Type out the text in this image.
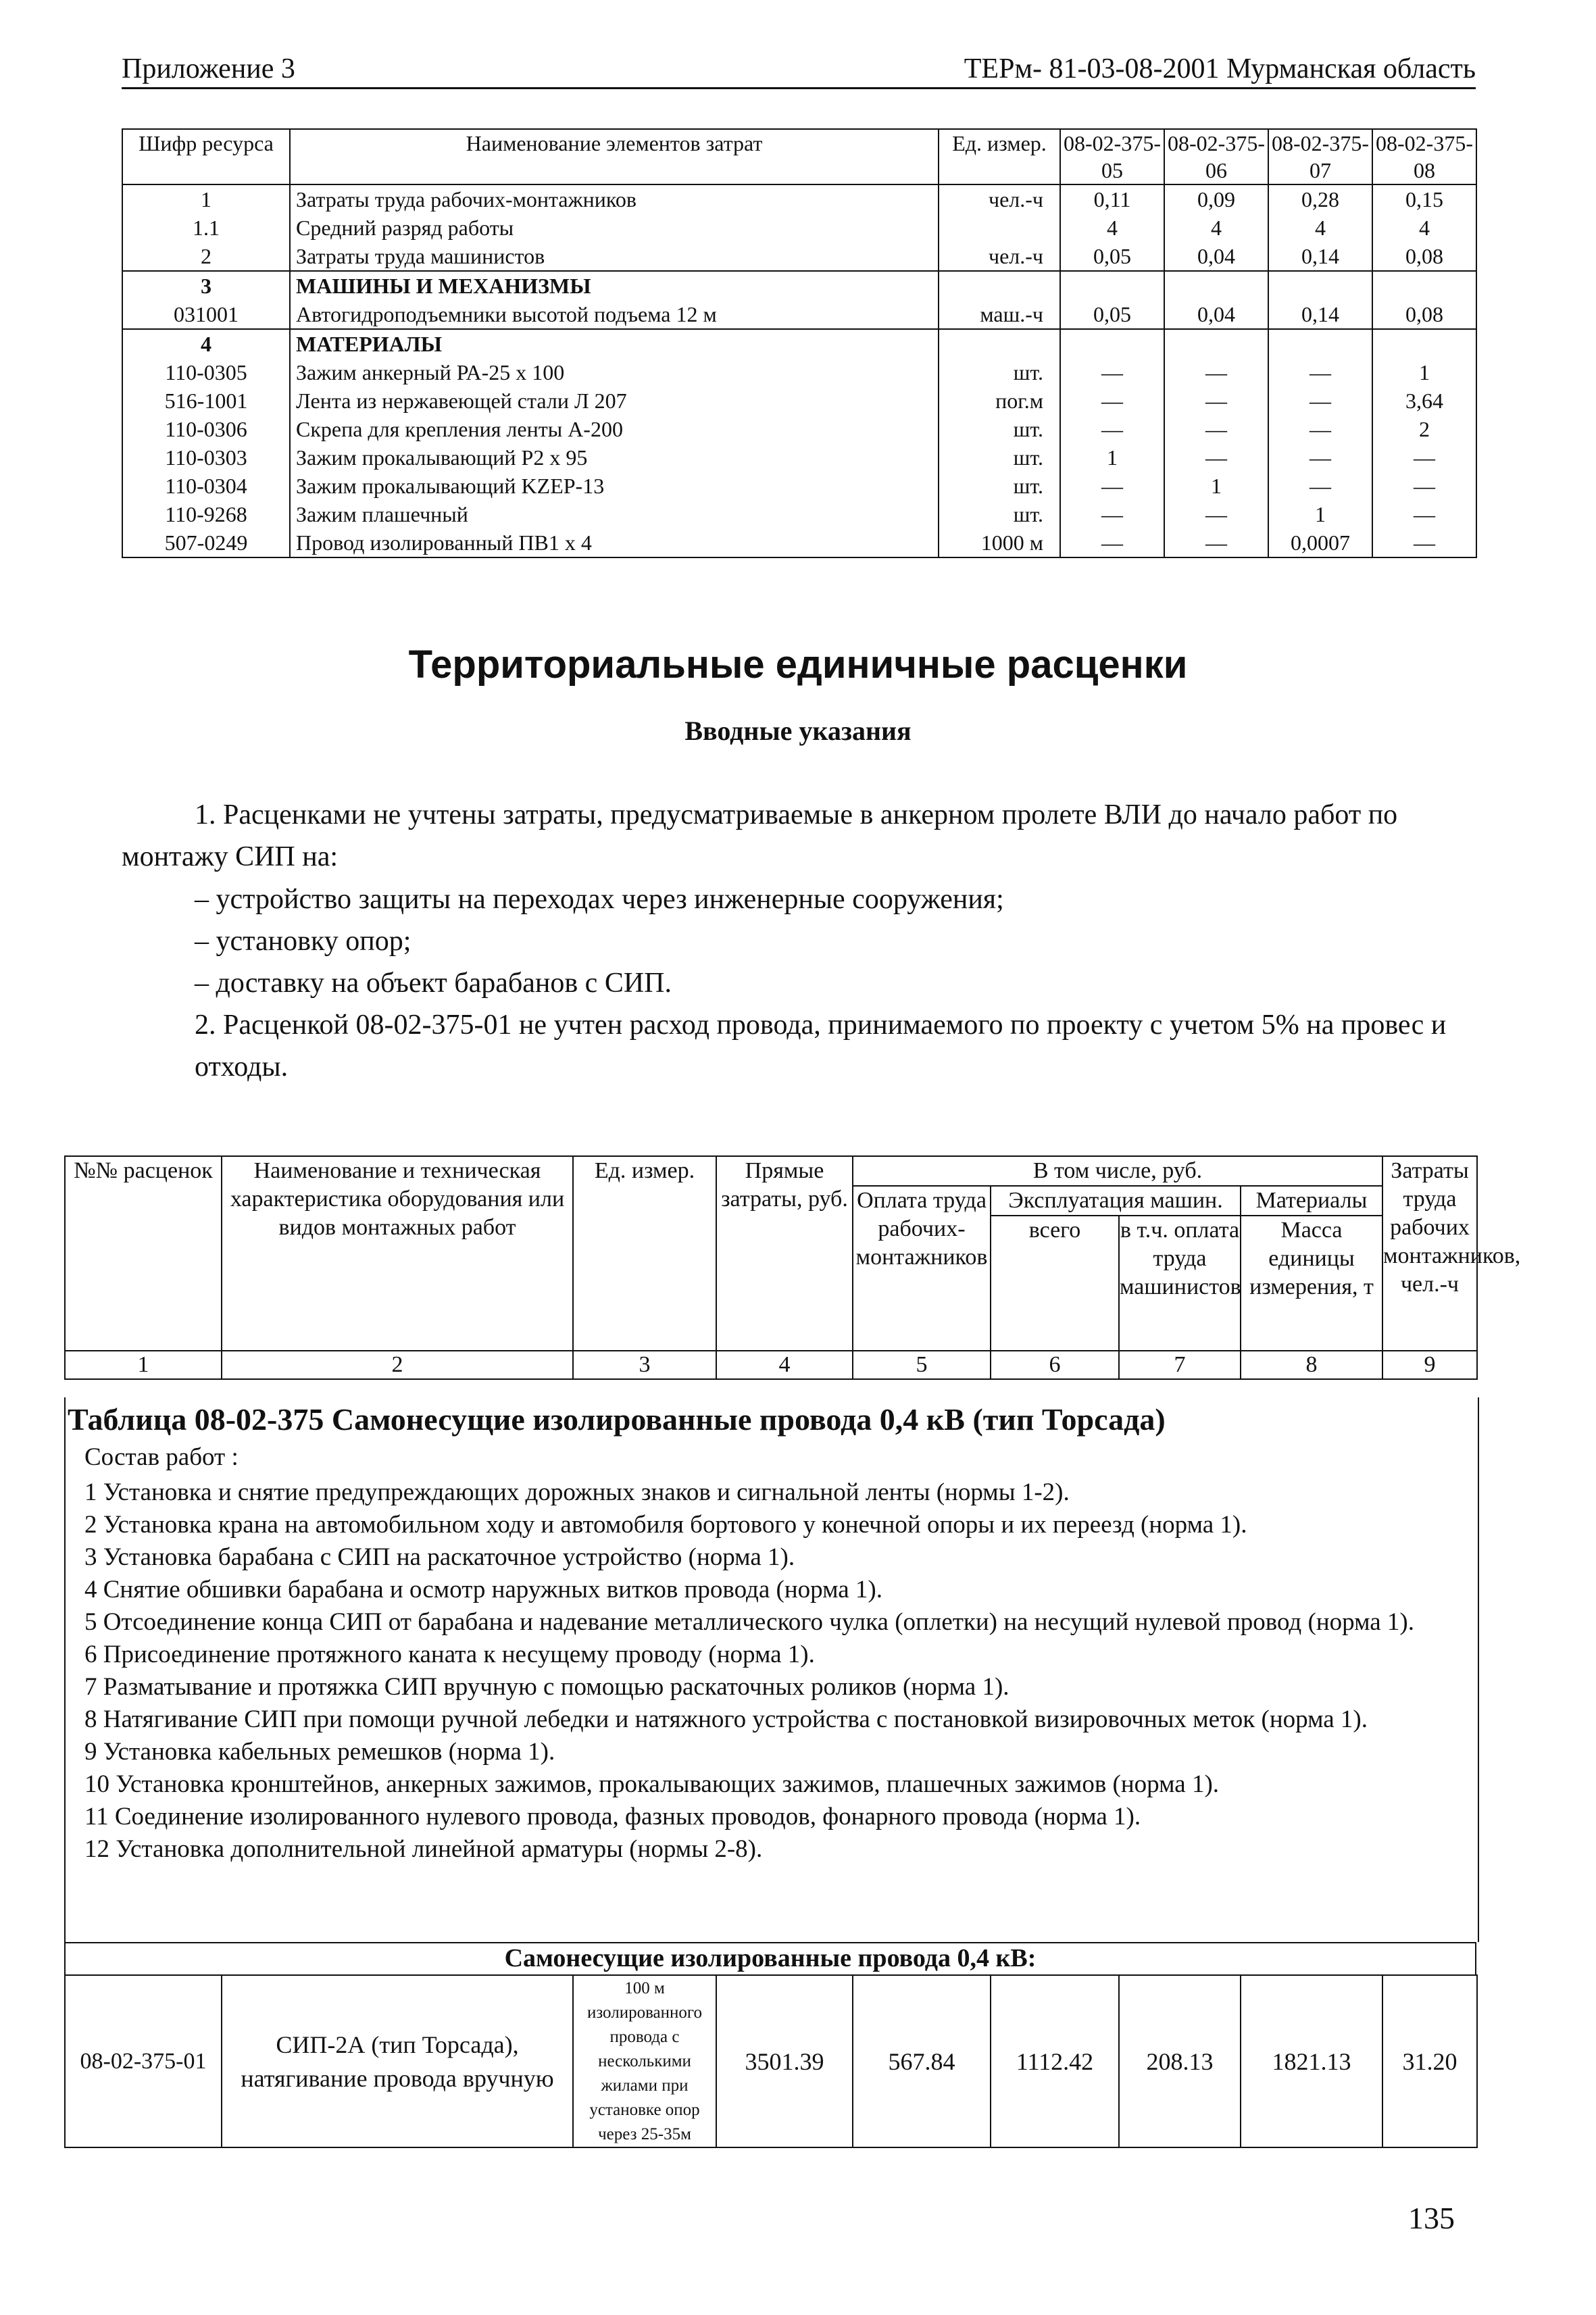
Приложение 3	ТЕРм- 81-03-08-2001 Мурманская область
Шифр ресурса	Наименование элементов затрат	Ед. измер.	08-02-375-05	08-02-375-06	08-02-375-07	08-02-375-08
1	Затраты труда рабочих-монтажников	чел.-ч	0,11	0,09	0,28	0,15
1.1	Средний разряд работы		4	4	4	4
2	Затраты труда машинистов	чел.-ч	0,05	0,04	0,14	0,08
3	МАШИНЫ И МЕХАНИЗМЫ					
031001	Автогидроподъемники высотой подъема 12 м	маш.-ч	0,05	0,04	0,14	0,08
4	МАТЕРИАЛЫ					
110-0305	Зажим анкерный РА-25 х 100	шт.	—	—	—	1
516-1001	Лента из нержавеющей стали Л 207	пог.м	—	—	—	3,64
110-0306	Скрепа для крепления ленты А-200	шт.	—	—	—	2
110-0303	Зажим прокалывающий Р2 х 95	шт.	1	—	—	—
110-0304	Зажим прокалывающий KZEP-13	шт.	—	1	—	—
110-9268	Зажим плашечный	шт.	—	—	1	—
507-0249	Провод изолированный ПВ1 х 4	1000 м	—	—	0,0007	—
Территориальные единичные расценки
Вводные указания
1. Расценками не учтены затраты, предусматриваемые в анкерном пролете ВЛИ до начало работ по монтажу СИП на:
– устройство защиты на переходах через инженерные сооружения;
– установку опор;
– доставку на объект барабанов с СИП.
2. Расценкой 08-02-375-01 не учтен расход провода, принимаемого по проекту с учетом 5% на провес и отходы.
№№ расценок	Наименование и техническая характеристика оборудования или видов монтажных работ	Ед. измер.	Прямые затраты, руб.	В том числе, руб.				Затраты труда рабочих монтажников, чел.-ч
				Оплата труда рабочих-монтажников	Эксплуатация машин.		Материалы	
					всего	в т.ч. оплата труда машинистов	Масса единицы измерения, т	
1	2	3	4	5	6	7	8	9
Таблица 08-02-375 Самонесущие изолированные провода 0,4 кВ (тип Торсада)
Состав работ :
1 Установка и снятие предупреждающих дорожных знаков и сигнальной ленты (нормы 1-2).
2 Установка крана на автомобильном ходу и автомобиля бортового у конечной опоры и их переезд (норма 1).
3 Установка барабана с СИП на раскаточное устройство (норма 1).
4 Снятие обшивки барабана и осмотр наружных витков провода (норма 1).
5 Отсоединение конца СИП от барабана и надевание металлического чулка (оплетки) на несущий нулевой провод (норма 1).
6 Присоединение протяжного каната к несущему проводу (норма 1).
7 Разматывание и протяжка СИП вручную с помощью раскаточных роликов (норма 1).
8 Натягивание СИП при помощи ручной лебедки и натяжного устройства с постановкой визировочных меток (норма 1).
9 Установка кабельных ремешков (норма 1).
10 Установка кронштейнов, анкерных зажимов, прокалывающих зажимов, плашечных зажимов (норма 1).
11 Соединение изолированного нулевого провода, фазных проводов, фонарного провода (норма 1).
12 Установка дополнительной линейной арматуры (нормы 2-8).
Самонесущие изолированные провода 0,4 кВ:
08-02-375-01	СИП-2А (тип Торсада), натягивание провода вручную	100 м изолированного провода с несколькими жилами при установке опор через 25-35м	3501.39	567.84	1112.42	208.13	1821.13	31.20
135
